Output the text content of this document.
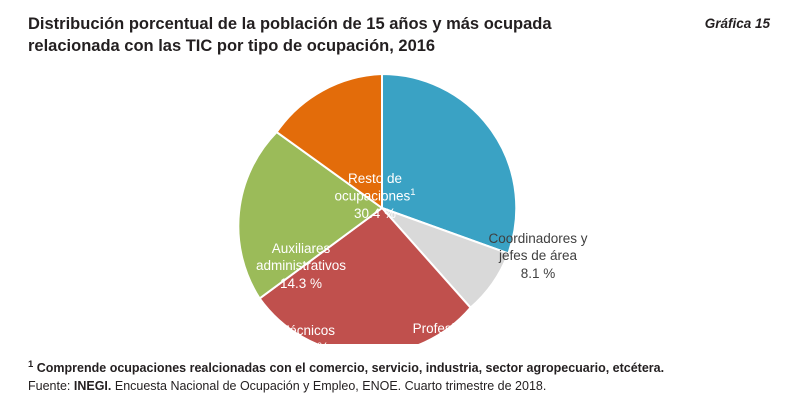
Distribución porcentual de la población de 15 años y más ocupada relacionada con las TIC por tipo de ocupación, 2016
Gráfica 15
Resto de
ocupaciones$^1$
30.4 %
Coordinadores y
jefes de área
8.1 %
Profesionistas
29.8 %
Técnicos
17.3 %
Auxiliares
administrativos
14.3 %
$^1$ Comprende ocupaciones realcionadas con el comercio, servicio, industria, sector agropecuario, etcétera.
Fuente: INEGI. Encuesta Nacional de Ocupación y Empleo, ENOE. Cuarto trimestre de 2018.
